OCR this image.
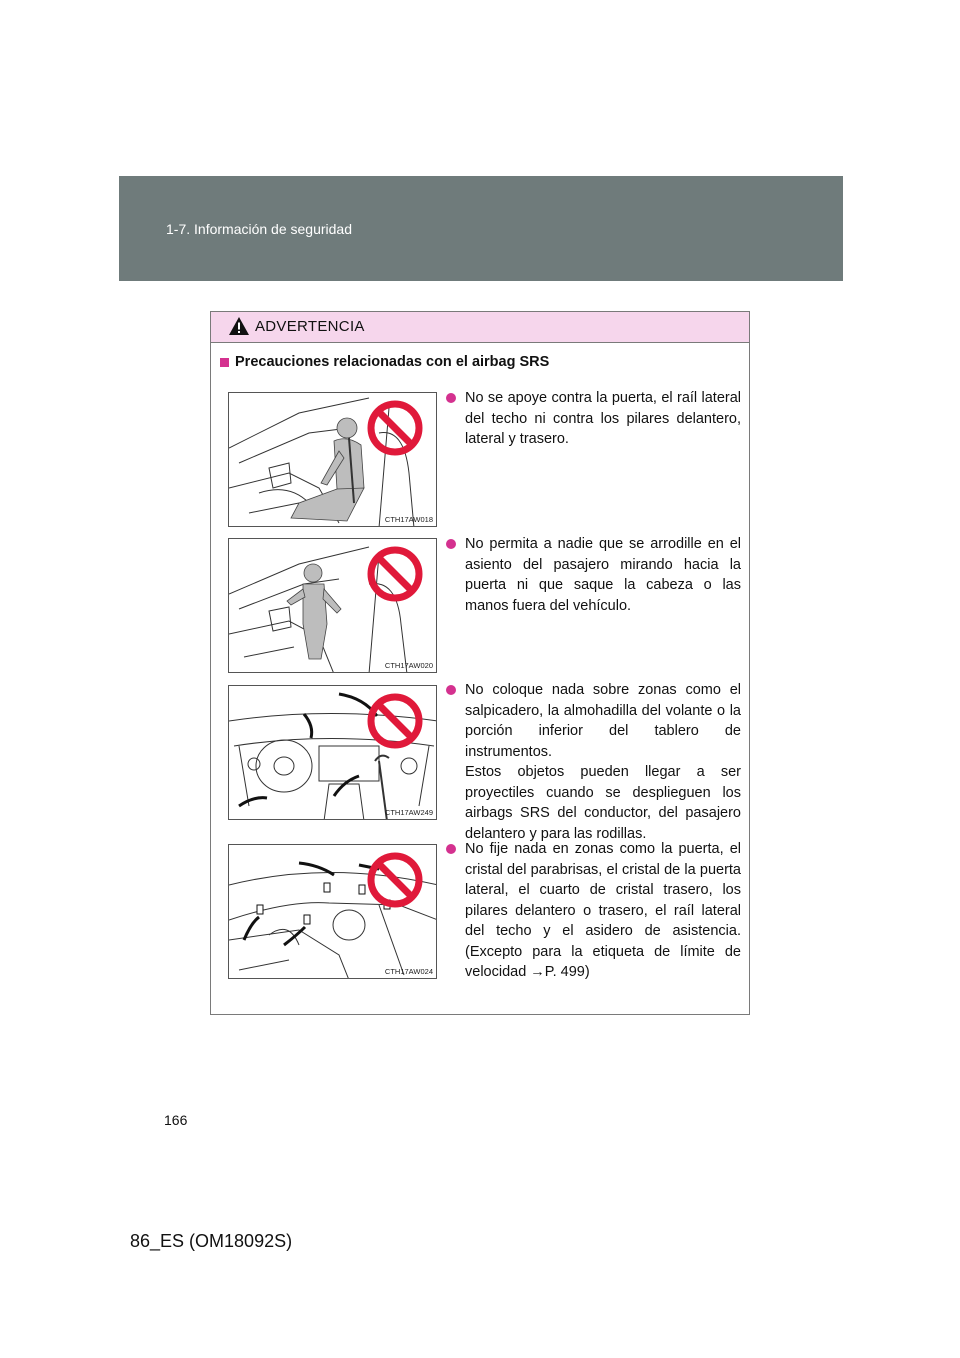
1-7. Información de seguridad
ADVERTENCIA
Precauciones relacionadas con el airbag SRS
CTH17AW018
No se apoye contra la puerta, el raíl lateral del techo ni contra los pilares delantero, lateral y trasero.
CTH17AW020
No permita a nadie que se arrodille en el asiento del pasajero mirando hacia la puerta ni que saque la cabeza o las manos fuera del vehículo.
CTH17AW249
No coloque nada sobre zonas como el salpicadero, la almohadilla del volante o la porción inferior del tablero de instrumentos.
Estos objetos pueden llegar a ser proyectiles cuando se desplieguen los airbags SRS del conductor, del pasajero delantero y para las rodillas.
CTH17AW024
No fije nada en zonas como la puerta, el cristal del parabrisas, el cristal de la puerta lateral, el cuarto de cristal trasero, los pilares delantero o trasero, el raíl lateral del techo y el asidero de asistencia. (Excepto para la etiqueta de límite de velocidad →P. 499)
166
86_ES (OM18092S)
